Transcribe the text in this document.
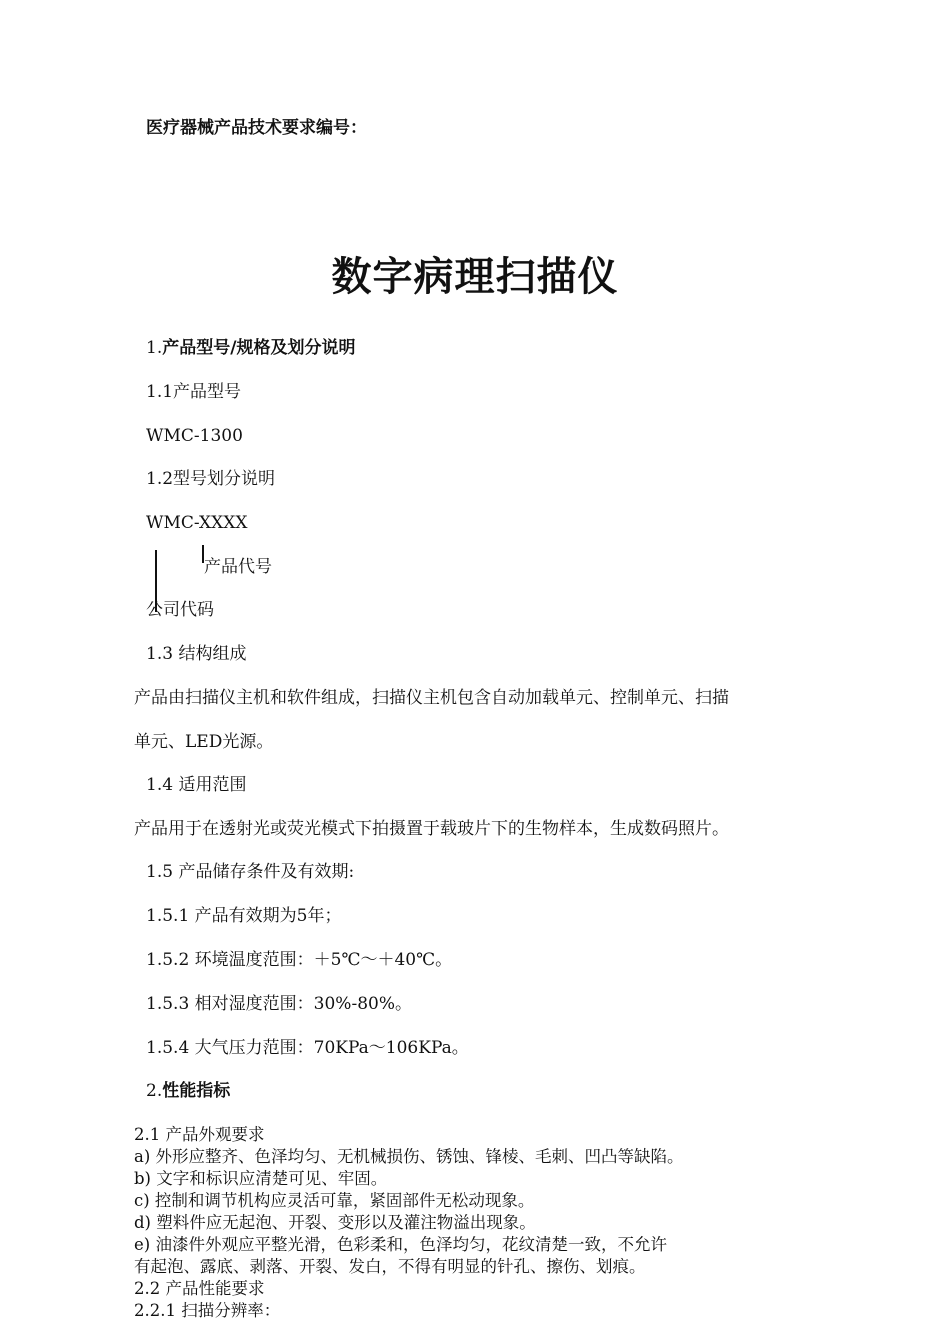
医疗器械产品技术要求编号：
数字病理扫描仪
1.产品型号/规格及划分说明
1.1产品型号
WMC-1300
1.2型号划分说明
WMC-XXXX
产品代号
公司代码
1.3 结构组成
产品由扫描仪主机和软件组成，扫描仪主机包含自动加载单元、控制单元、扫描
单元、LED光源。
1.4 适用范围
产品用于在透射光或荧光模式下拍摄置于载玻片下的生物样本，生成数码照片。
1.5 产品储存条件及有效期:
1.5.1 产品有效期为5年；
1.5.2 环境温度范围：＋5℃～＋40℃。
1.5.3 相对湿度范围：30%-80%。
1.5.4 大气压力范围：70KPa～106KPa。
2.性能指标
2.1 产品外观要求
a) 外形应整齐、色泽均匀、无机械损伤、锈蚀、锋棱、毛刺、凹凸等缺陷。
b) 文字和标识应清楚可见、牢固。
c) 控制和调节机构应灵活可靠，紧固部件无松动现象。
d) 塑料件应无起泡、开裂、变形以及灌注物溢出现象。
e) 油漆件外观应平整光滑，色彩柔和，色泽均匀，花纹清楚一致，不允许
有起泡、露底、剥落、开裂、发白，不得有明显的针孔、擦伤、划痕。
2.2 产品性能要求
2.2.1 扫描分辨率：
